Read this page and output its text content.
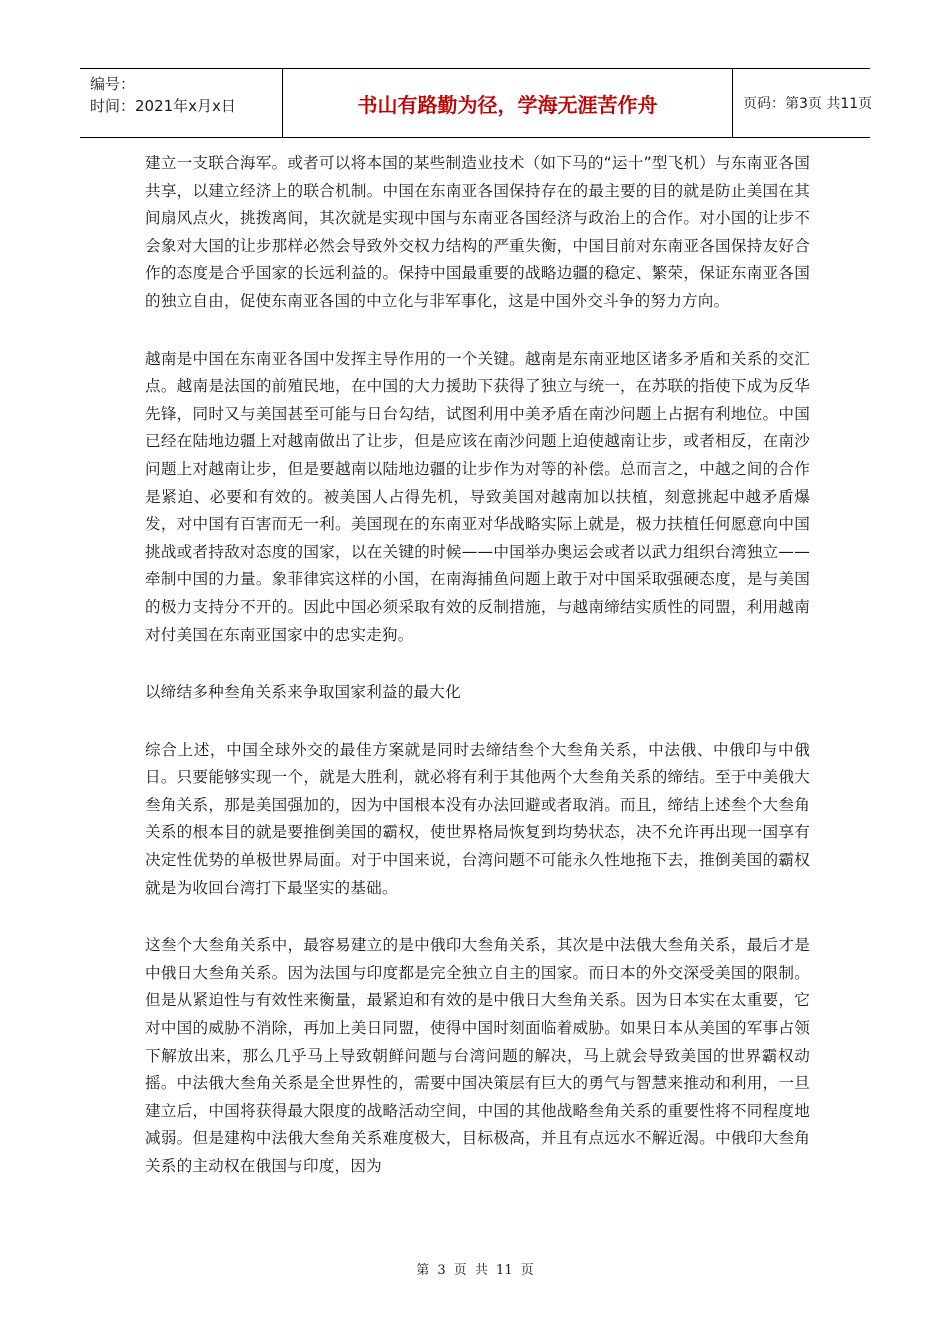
编号：
时间：2021年x月x日	书山有路勤为径，学海无涯苦作舟	页码：第3页 共11页

建立一支联合海军。或者可以将本国的某些制造业技术（如下马的“运十”型飞机）与东南亚各国共享，以建立经济上的联合机制。中国在东南亚各国保持存在的最主要的目的就是防止美国在其间扇风点火，挑拨离间，其次就是实现中国与东南亚各国经济与政治上的合作。对小国的让步不会象对大国的让步那样必然会导致外交权力结构的严重失衡，中国目前对东南亚各国保持友好合作的态度是合乎国家的长远利益的。保持中国最重要的战略边疆的稳定、繁荣，保证东南亚各国的独立自由，促使东南亚各国的中立化与非军事化，这是中国外交斗争的努力方向。

越南是中国在东南亚各国中发挥主导作用的一个关键。越南是东南亚地区诸多矛盾和关系的交汇点。越南是法国的前殖民地，在中国的大力援助下获得了独立与统一，在苏联的指使下成为反华先锋，同时又与美国甚至可能与日台勾结，试图利用中美矛盾在南沙问题上占据有利地位。中国已经在陆地边疆上对越南做出了让步，但是应该在南沙问题上迫使越南让步，或者相反，在南沙问题上对越南让步，但是要越南以陆地边疆的让步作为对等的补偿。总而言之，中越之间的合作是紧迫、必要和有效的。被美国人占得先机，导致美国对越南加以扶植，刻意挑起中越矛盾爆发，对中国有百害而无一利。美国现在的东南亚对华战略实际上就是，极力扶植任何愿意向中国挑战或者持敌对态度的国家，以在关键的时候——中国举办奥运会或者以武力组织台湾独立——牵制中国的力量。象菲律宾这样的小国，在南海捕鱼问题上敢于对中国采取强硬态度，是与美国的极力支持分不开的。因此中国必须采取有效的反制措施，与越南缔结实质性的同盟，利用越南对付美国在东南亚国家中的忠实走狗。

以缔结多种叁角关系来争取国家利益的最大化

综合上述，中国全球外交的最佳方案就是同时去缔结叁个大叁角关系，中法俄、中俄印与中俄日。只要能够实现一个，就是大胜利，就必将有利于其他两个大叁角关系的缔结。至于中美俄大叁角关系，那是美国强加的，因为中国根本没有办法回避或者取消。而且，缔结上述叁个大叁角关系的根本目的就是要推倒美国的霸权，使世界格局恢复到均势状态，决不允许再出现一国享有决定性优势的单极世界局面。对于中国来说，台湾问题不可能永久性地拖下去，推倒美国的霸权就是为收回台湾打下最坚实的基础。

这叁个大叁角关系中，最容易建立的是中俄印大叁角关系，其次是中法俄大叁角关系，最后才是中俄日大叁角关系。因为法国与印度都是完全独立自主的国家。而日本的外交深受美国的限制。但是从紧迫性与有效性来衡量，最紧迫和有效的是中俄日大叁角关系。因为日本实在太重要，它对中国的威胁不消除，再加上美日同盟，使得中国时刻面临着威胁。如果日本从美国的军事占领下解放出来，那么几乎马上导致朝鲜问题与台湾问题的解决，马上就会导致美国的世界霸权动摇。中法俄大叁角关系是全世界性的，需要中国决策层有巨大的勇气与智慧来推动和利用，一旦建立后，中国将获得最大限度的战略活动空间，中国的其他战略叁角关系的重要性将不同程度地减弱。但是建构中法俄大叁角关系难度极大，目标极高，并且有点远水不解近渴。中俄印大叁角关系的主动权在俄国与印度，因为

第 3 页 共 11 页
